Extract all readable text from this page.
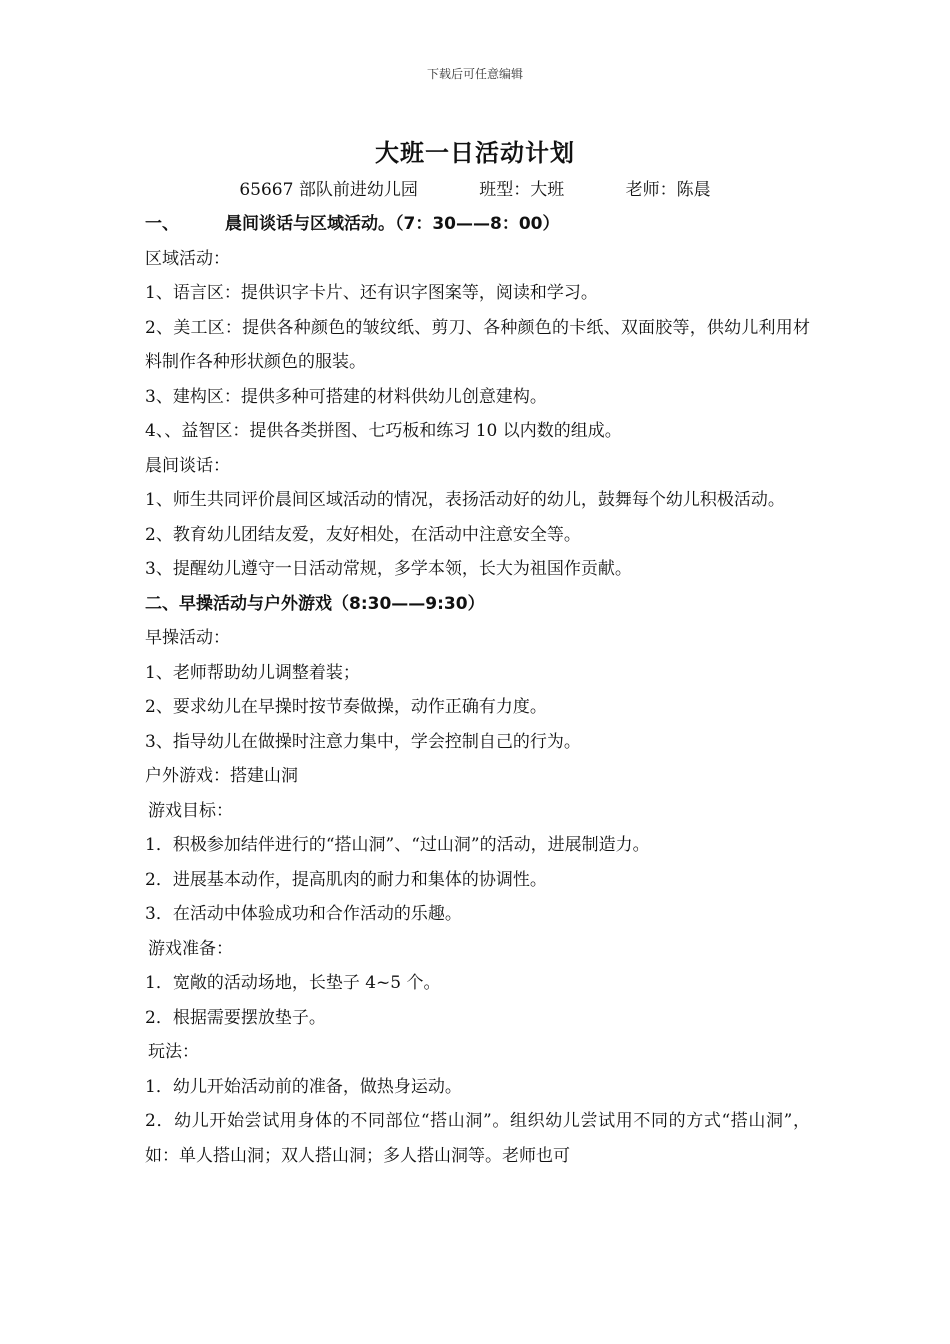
下载后可任意编辑
大班一日活动计划
65667 部队前进幼儿园	班型：大班	老师：陈晨
一、	晨间谈话与区域活动。（7：30——8：00）
区域活动：
1、语言区：提供识字卡片、还有识字图案等，阅读和学习。
2、美工区：提供各种颜色的皱纹纸、剪刀、各种颜色的卡纸、双面胶等，供幼儿利用材料制作各种形状颜色的服装。
3、建构区：提供多种可搭建的材料供幼儿创意建构。
4、、益智区：提供各类拼图、七巧板和练习 10 以内数的组成。
晨间谈话：
1、师生共同评价晨间区域活动的情况，表扬活动好的幼儿，鼓舞每个幼儿积极活动。
2、教育幼儿团结友爱，友好相处，在活动中注意安全等。
3、提醒幼儿遵守一日活动常规，多学本领，长大为祖国作贡献。
二、早操活动与户外游戏（8:30——9:30）
早操活动：
1、老师帮助幼儿调整着装；
2、要求幼儿在早操时按节奏做操，动作正确有力度。
3、指导幼儿在做操时注意力集中，学会控制自己的行为。
户外游戏：搭建山洞
游戏目标：
1．积极参加结伴进行的“搭山洞”、“过山洞”的活动，进展制造力。
2．进展基本动作，提高肌肉的耐力和集体的协调性。
3．在活动中体验成功和合作活动的乐趣。
游戏准备：
1．宽敞的活动场地，长垫子 4~5 个。
2．根据需要摆放垫子。
玩法：
1．幼儿开始活动前的准备，做热身运动。
2．幼儿开始尝试用身体的不同部位“搭山洞”。组织幼儿尝试用不同的方式“搭山洞”，如：单人搭山洞；双人搭山洞；多人搭山洞等。老师也可
